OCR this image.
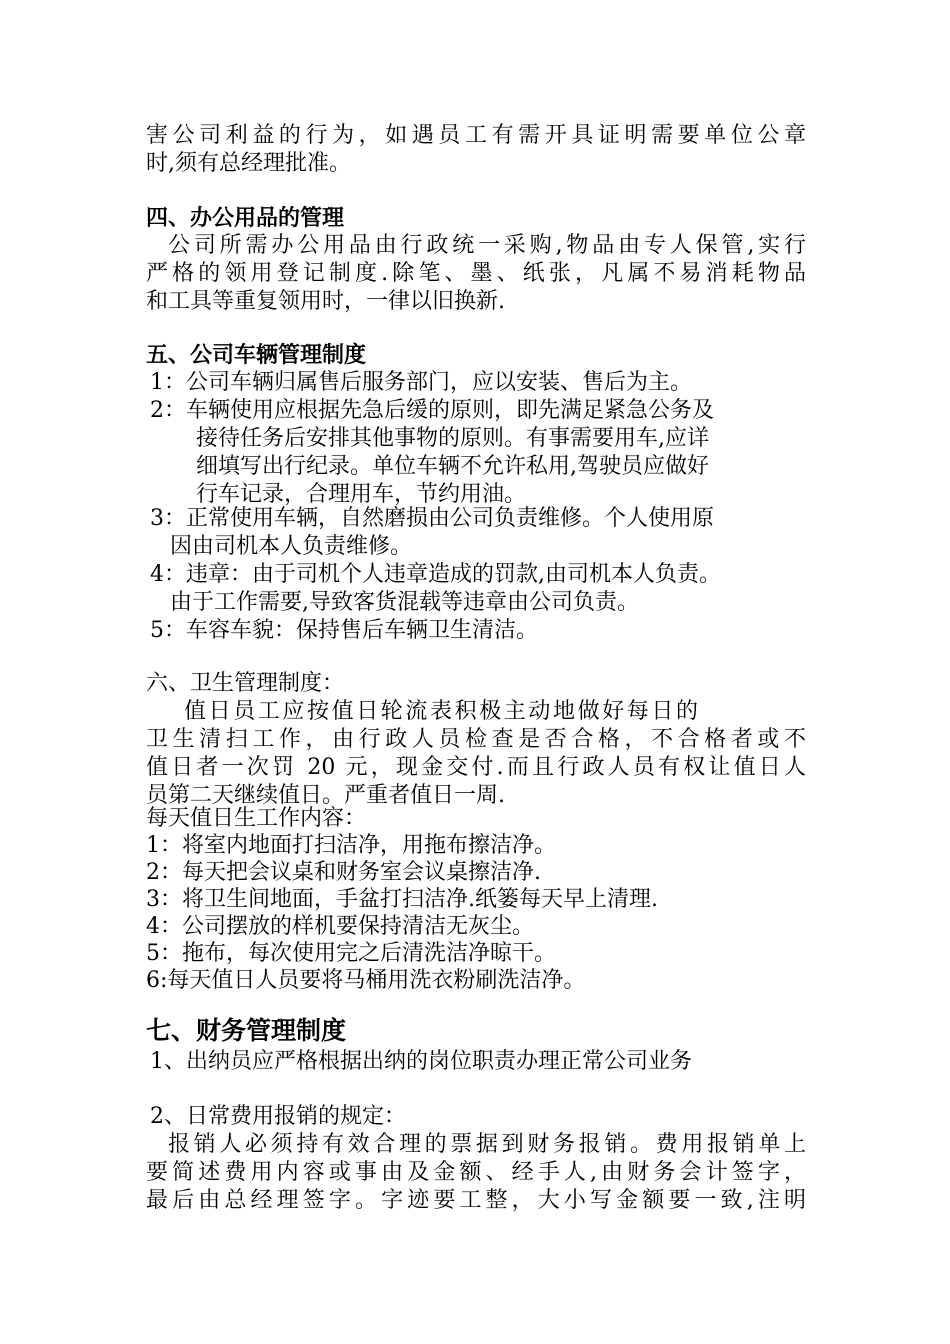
害公司利益的行为，如遇员工有需开具证明需要单位公章
时,须有总经理批准。
四、办公用品的管理
公司所需办公用品由行政统一采购,物品由专人保管,实行
严格的领用登记制度.除笔、墨、纸张，凡属不易消耗物品
和工具等重复领用时，一律以旧换新.
五、公司车辆管理制度
1：公司车辆归属售后服务部门，应以安装、售后为主。
2：车辆使用应根据先急后缓的原则，即先满足紧急公务及
接待任务后安排其他事物的原则。有事需要用车,应详
细填写出行纪录。单位车辆不允许私用,驾驶员应做好
行车记录，合理用车，节约用油。
3：正常使用车辆，自然磨损由公司负责维修。个人使用原
因由司机本人负责维修。
4：违章：由于司机个人违章造成的罚款,由司机本人负责。
由于工作需要,导致客货混载等违章由公司负责。
5：车容车貌：保持售后车辆卫生清洁。
六、卫生管理制度：
值日员工应按值日轮流表积极主动地做好每日的
卫生清扫工作，由行政人员检查是否合格，不合格者或不
值日者一次罚 20 元，现金交付.而且行政人员有权让值日人
员第二天继续值日。严重者值日一周.
每天值日生工作内容：
1：将室内地面打扫洁净，用拖布擦洁净。
2：每天把会议桌和财务室会议桌擦洁净.
3：将卫生间地面，手盆打扫洁净.纸篓每天早上清理.
4：公司摆放的样机要保持清洁无灰尘。
5：拖布，每次使用完之后清洗洁净晾干。
6:每天值日人员要将马桶用洗衣粉刷洗洁净。
七、财务管理制度
1、出纳员应严格根据出纳的岗位职责办理正常公司业务
2、日常费用报销的规定：
报销人必须持有效合理的票据到财务报销。费用报销单上
要简述费用内容或事由及金额、经手人,由财务会计签字，
最后由总经理签字。字迹要工整，大小写金额要一致,注明
